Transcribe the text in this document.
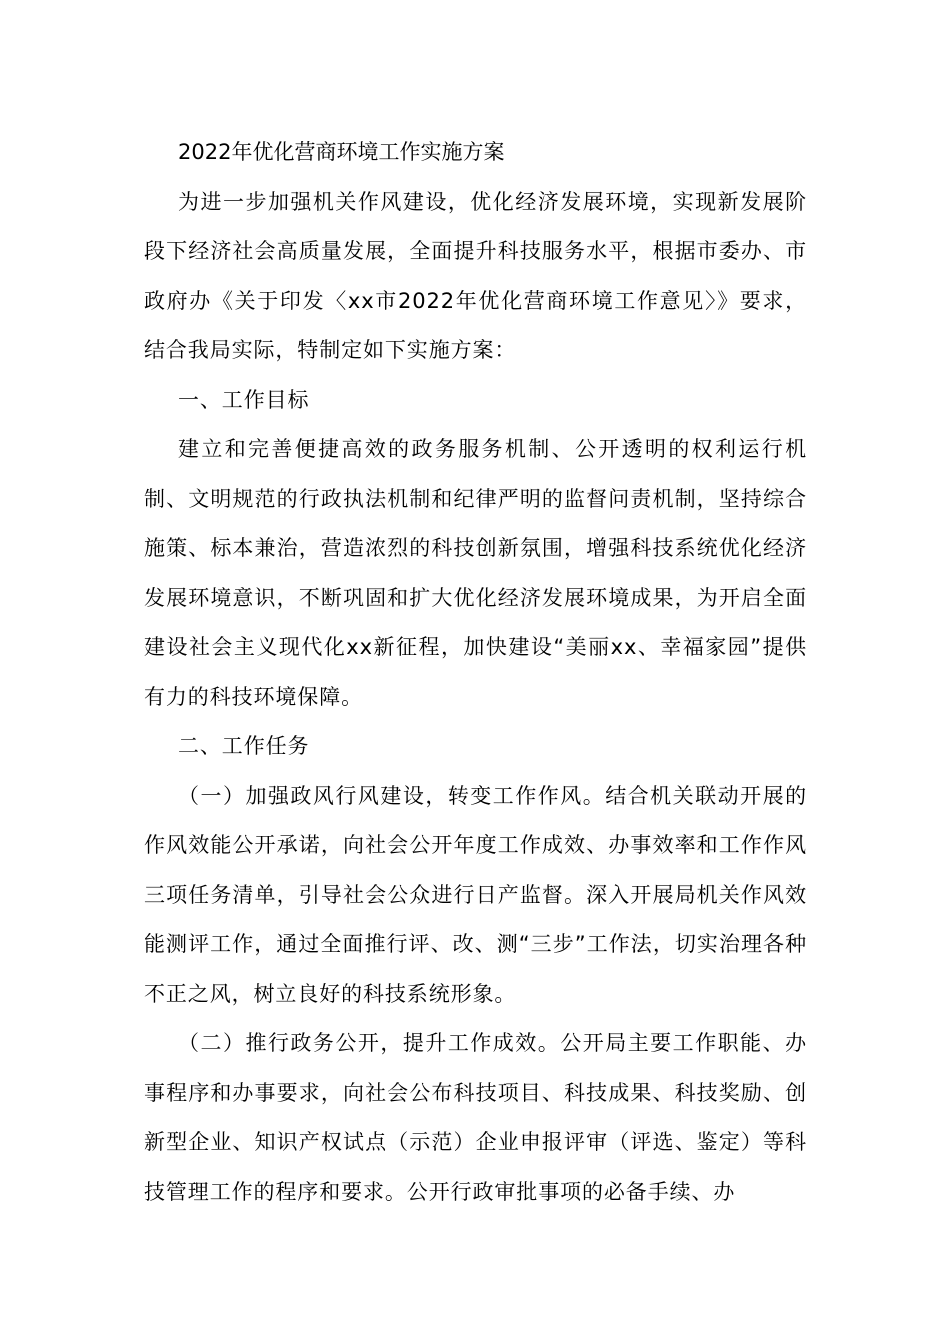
2022年优化营商环境工作实施方案

为进一步加强机关作风建设，优化经济发展环境，实现新发展阶段下经济社会高质量发展，全面提升科技服务水平，根据市委办、市政府办《关于印发〈xx市2022年优化营商环境工作意见〉》要求，结合我局实际，特制定如下实施方案：

一、工作目标

建立和完善便捷高效的政务服务机制、公开透明的权利运行机制、文明规范的行政执法机制和纪律严明的监督问责机制，坚持综合施策、标本兼治，营造浓烈的科技创新氛围，增强科技系统优化经济发展环境意识，不断巩固和扩大优化经济发展环境成果，为开启全面建设社会主义现代化xx新征程，加快建设“美丽xx、幸福家园”提供有力的科技环境保障。

二、工作任务

（一）加强政风行风建设，转变工作作风。结合机关联动开展的作风效能公开承诺，向社会公开年度工作成效、办事效率和工作作风三项任务清单，引导社会公众进行日产监督。深入开展局机关作风效能测评工作，通过全面推行评、改、测“三步”工作法，切实治理各种不正之风，树立良好的科技系统形象。

（二）推行政务公开，提升工作成效。公开局主要工作职能、办事程序和办事要求，向社会公布科技项目、科技成果、科技奖励、创新型企业、知识产权试点（示范）企业申报评审（评选、鉴定）等科技管理工作的程序和要求。公开行政审批事项的必备手续、办
